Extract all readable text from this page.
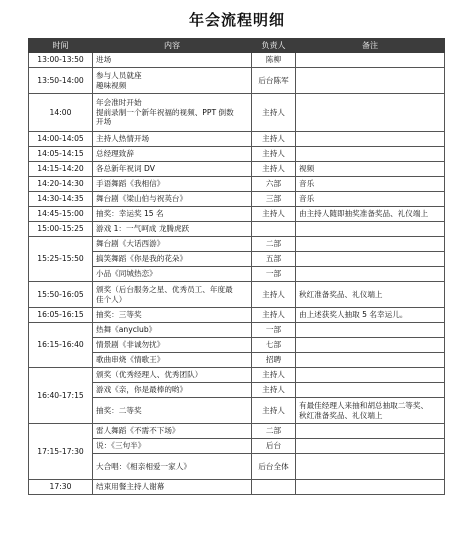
年会流程明细
时间	内容	负责人	备注
13:00-13:50	进场	陈柳	
13:50-14:00	参与人员就座
趣味视频	后台陈军	
14:00	年会准时开始
提前录制一个新年祝福的视频、PPT 倒数
开场	主持人	
14:00-14:05	主持人热情开场	主持人	
14:05-14:15	总经理致辞	主持人	
14:15-14:20	各总新年祝词 DV	主持人	视频
14:20-14:30	手语舞蹈《我相信》	六部	音乐
14:30-14:35	舞台剧《梁山伯与祝英台》	三部	音乐
14:45-15:00	抽奖：幸运奖 15 名	主持人	由主持人随即抽奖准备奖品、礼仪端上
15:00-15:25	游戏 1：一气呵成 龙腾虎跃		

15:25-15:50	舞台剧《大话西游》	二部	

	搞笑舞蹈《你是我的花朵》	五部	

	小品《同城热恋》	一部	
15:50-16:05	颁奖（后台服务之星、优秀员工、年度最
佳个人）	主持人	秋红准备奖品、礼仪端上
16:05-16:15	抽奖：三等奖	主持人	由上述获奖人抽取 5 名幸运儿。
16:15-16:40	热舞《anyclub》	一部	

	情景剧《非诚勿扰》	七部	

	歌曲串烧《情歌王》	招聘	
16:40-17:15	颁奖（优秀经理人、优秀团队）	主持人	

	游戏《亲，你是最棒的哟》	主持人	

	抽奖：二等奖	主持人	有最佳经理人来抽和胡总抽取二等奖、
秋红准备奖品、礼仪端上

17:15-17:30	雷人舞蹈《不需不下场》	二部	

	说：《三句半》	后台	

	大合唱：《相亲相爱一家人》	后台全体	
17:30	结束用餐主持人谢幕		
